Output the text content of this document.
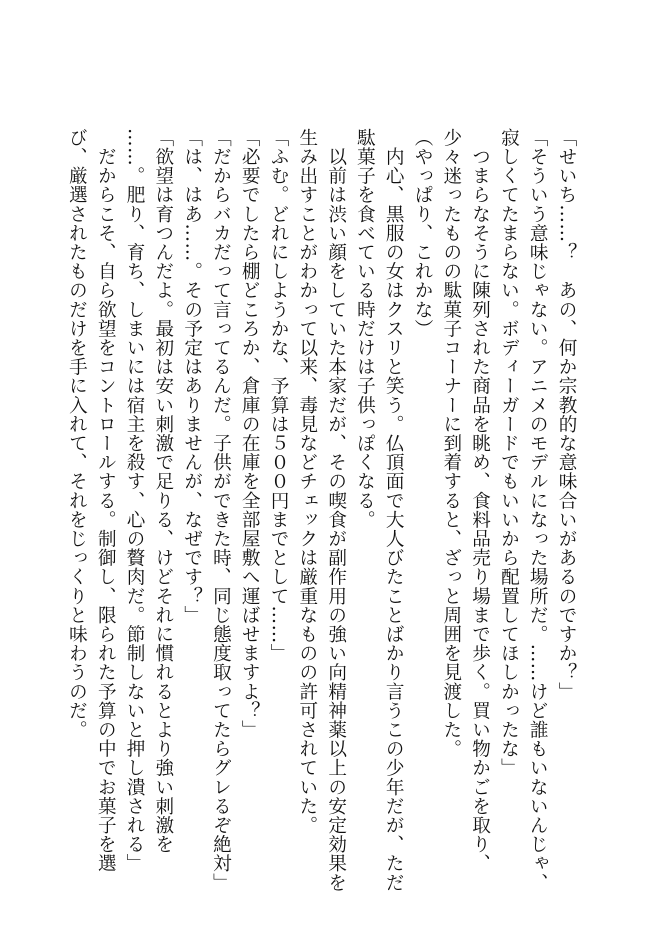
「せいち……？　あの、何か宗教的な意味合いがあるのですか？」
「そういう意味じゃない。アニメのモデルになった場所だ。……けど誰もいないんじゃ、
寂しくてたまらない。ボディーガードでもいいから配置してほしかったな」
　つまらなそうに陳列された商品を眺め、食料品売り場まで歩く。買い物かごを取り、
少々迷ったものの駄菓子コーナーに到着すると、ざっと周囲を見渡した。
（やっぱり、これかな）
　内心、黒服の女はクスリと笑う。仏頂面で大人びたことばかり言うこの少年だが、ただ
駄菓子を食べている時だけは子供っぽくなる。
　以前は渋い顔をしていた本家だが、その喫食が副作用の強い向精神薬以上の安定効果を
生み出すことがわかって以来、毒見などチェックは厳重なものの許可されていた。
「ふむ。どれにしようかな、予算は５００円までとして……」
「必要でしたら棚どころか、倉庫の在庫を全部屋敷へ運ばせますよ？」
「だからバカだって言ってるんだ。子供ができた時、同じ態度取ってたらグレるぞ絶対」
「は、はあ……。その予定はありませんが、なぜです？」
「欲望は育つんだよ。最初は安い刺激で足りる、けどそれに慣れるとより強い刺激を
……。肥り、育ち、しまいには宿主を殺す、心の贅肉だ。節制しないと押し潰される」
　だからこそ、自ら欲望をコントロールする。制御し、限られた予算の中でお菓子を選
び、厳選されたものだけを手に入れて、それをじっくりと味わうのだ。
